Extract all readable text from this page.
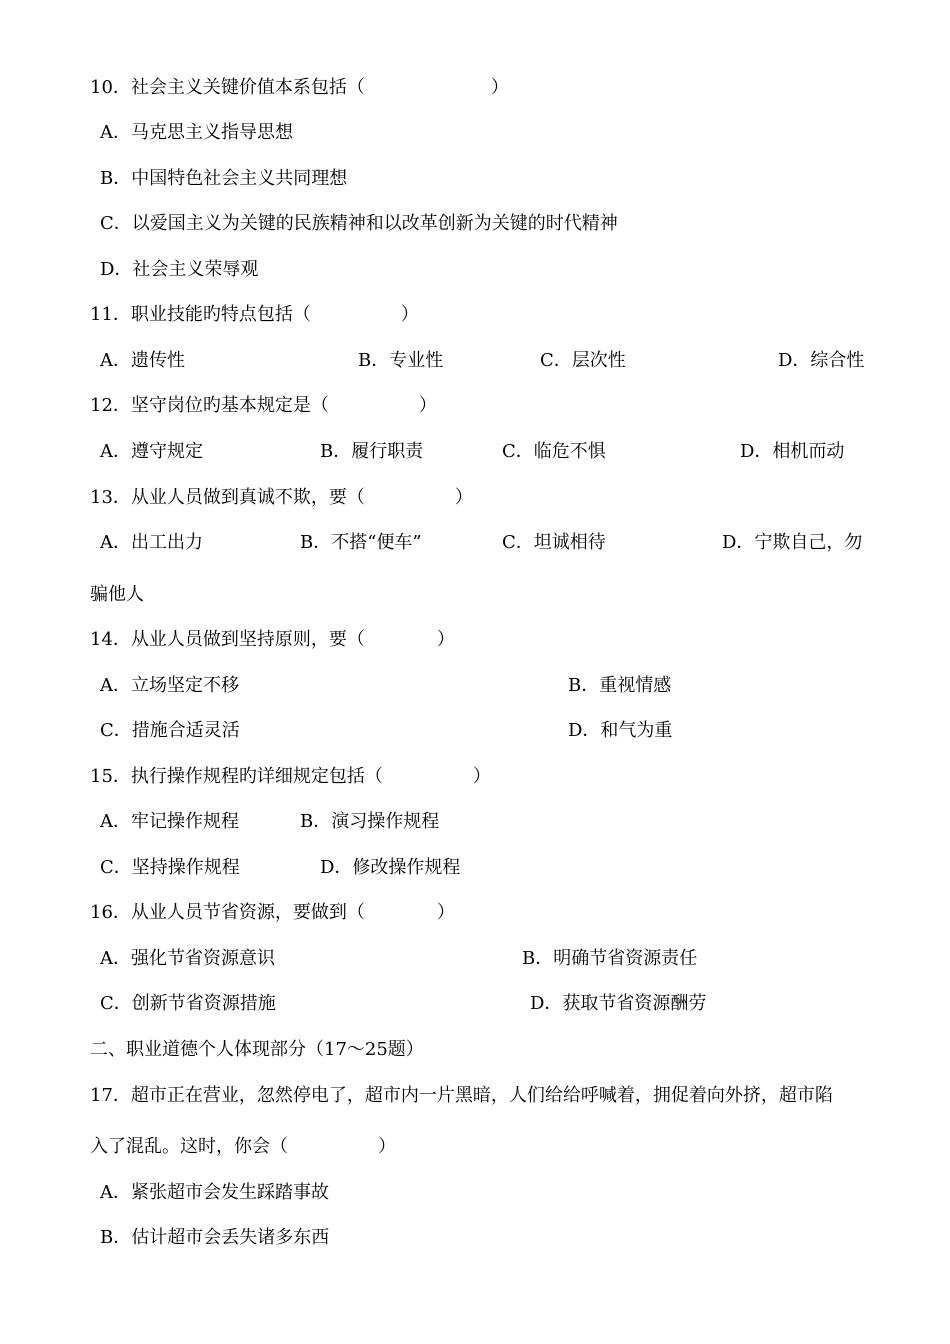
10．社会主义关键价值本系包括（　　　　　　　）
A．马克思主义指导思想
B．中国特色社会主义共同理想
C．以爱国主义为关键的民族精神和以改革创新为关键的时代精神
D．社会主义荣辱观
11．职业技能旳特点包括（　　　　　）
A．遗传性	B．专业性	C．层次性	D．综合性
12．坚守岗位旳基本规定是（　　　　　）
A．遵守规定	B．履行职责	C．临危不惧	D．相机而动
13．从业人员做到真诚不欺，要（　　　　　）
A．出工出力	B．不搭“便车”	C．坦诚相待	D．宁欺自己，勿
骗他人
14．从业人员做到坚持原则，要（　　　　）
A．立场坚定不移	B．重视情感
C．措施合适灵活	D．和气为重
15．执行操作规程旳详细规定包括（　　　　　）
A．牢记操作规程	B．演习操作规程
C．坚持操作规程	D．修改操作规程
16．从业人员节省资源，要做到（　　　　）
A．强化节省资源意识	B．明确节省资源责任
C．创新节省资源措施	D．获取节省资源酬劳
二、职业道德个人体现部分（17～25题）
17．超市正在营业，忽然停电了，超市内一片黑暗，人们给给呼喊着，拥促着向外挤，超市陷
入了混乱。这时，你会（　　　　　）
A．紧张超市会发生踩踏事故
B．估计超市会丢失诸多东西
